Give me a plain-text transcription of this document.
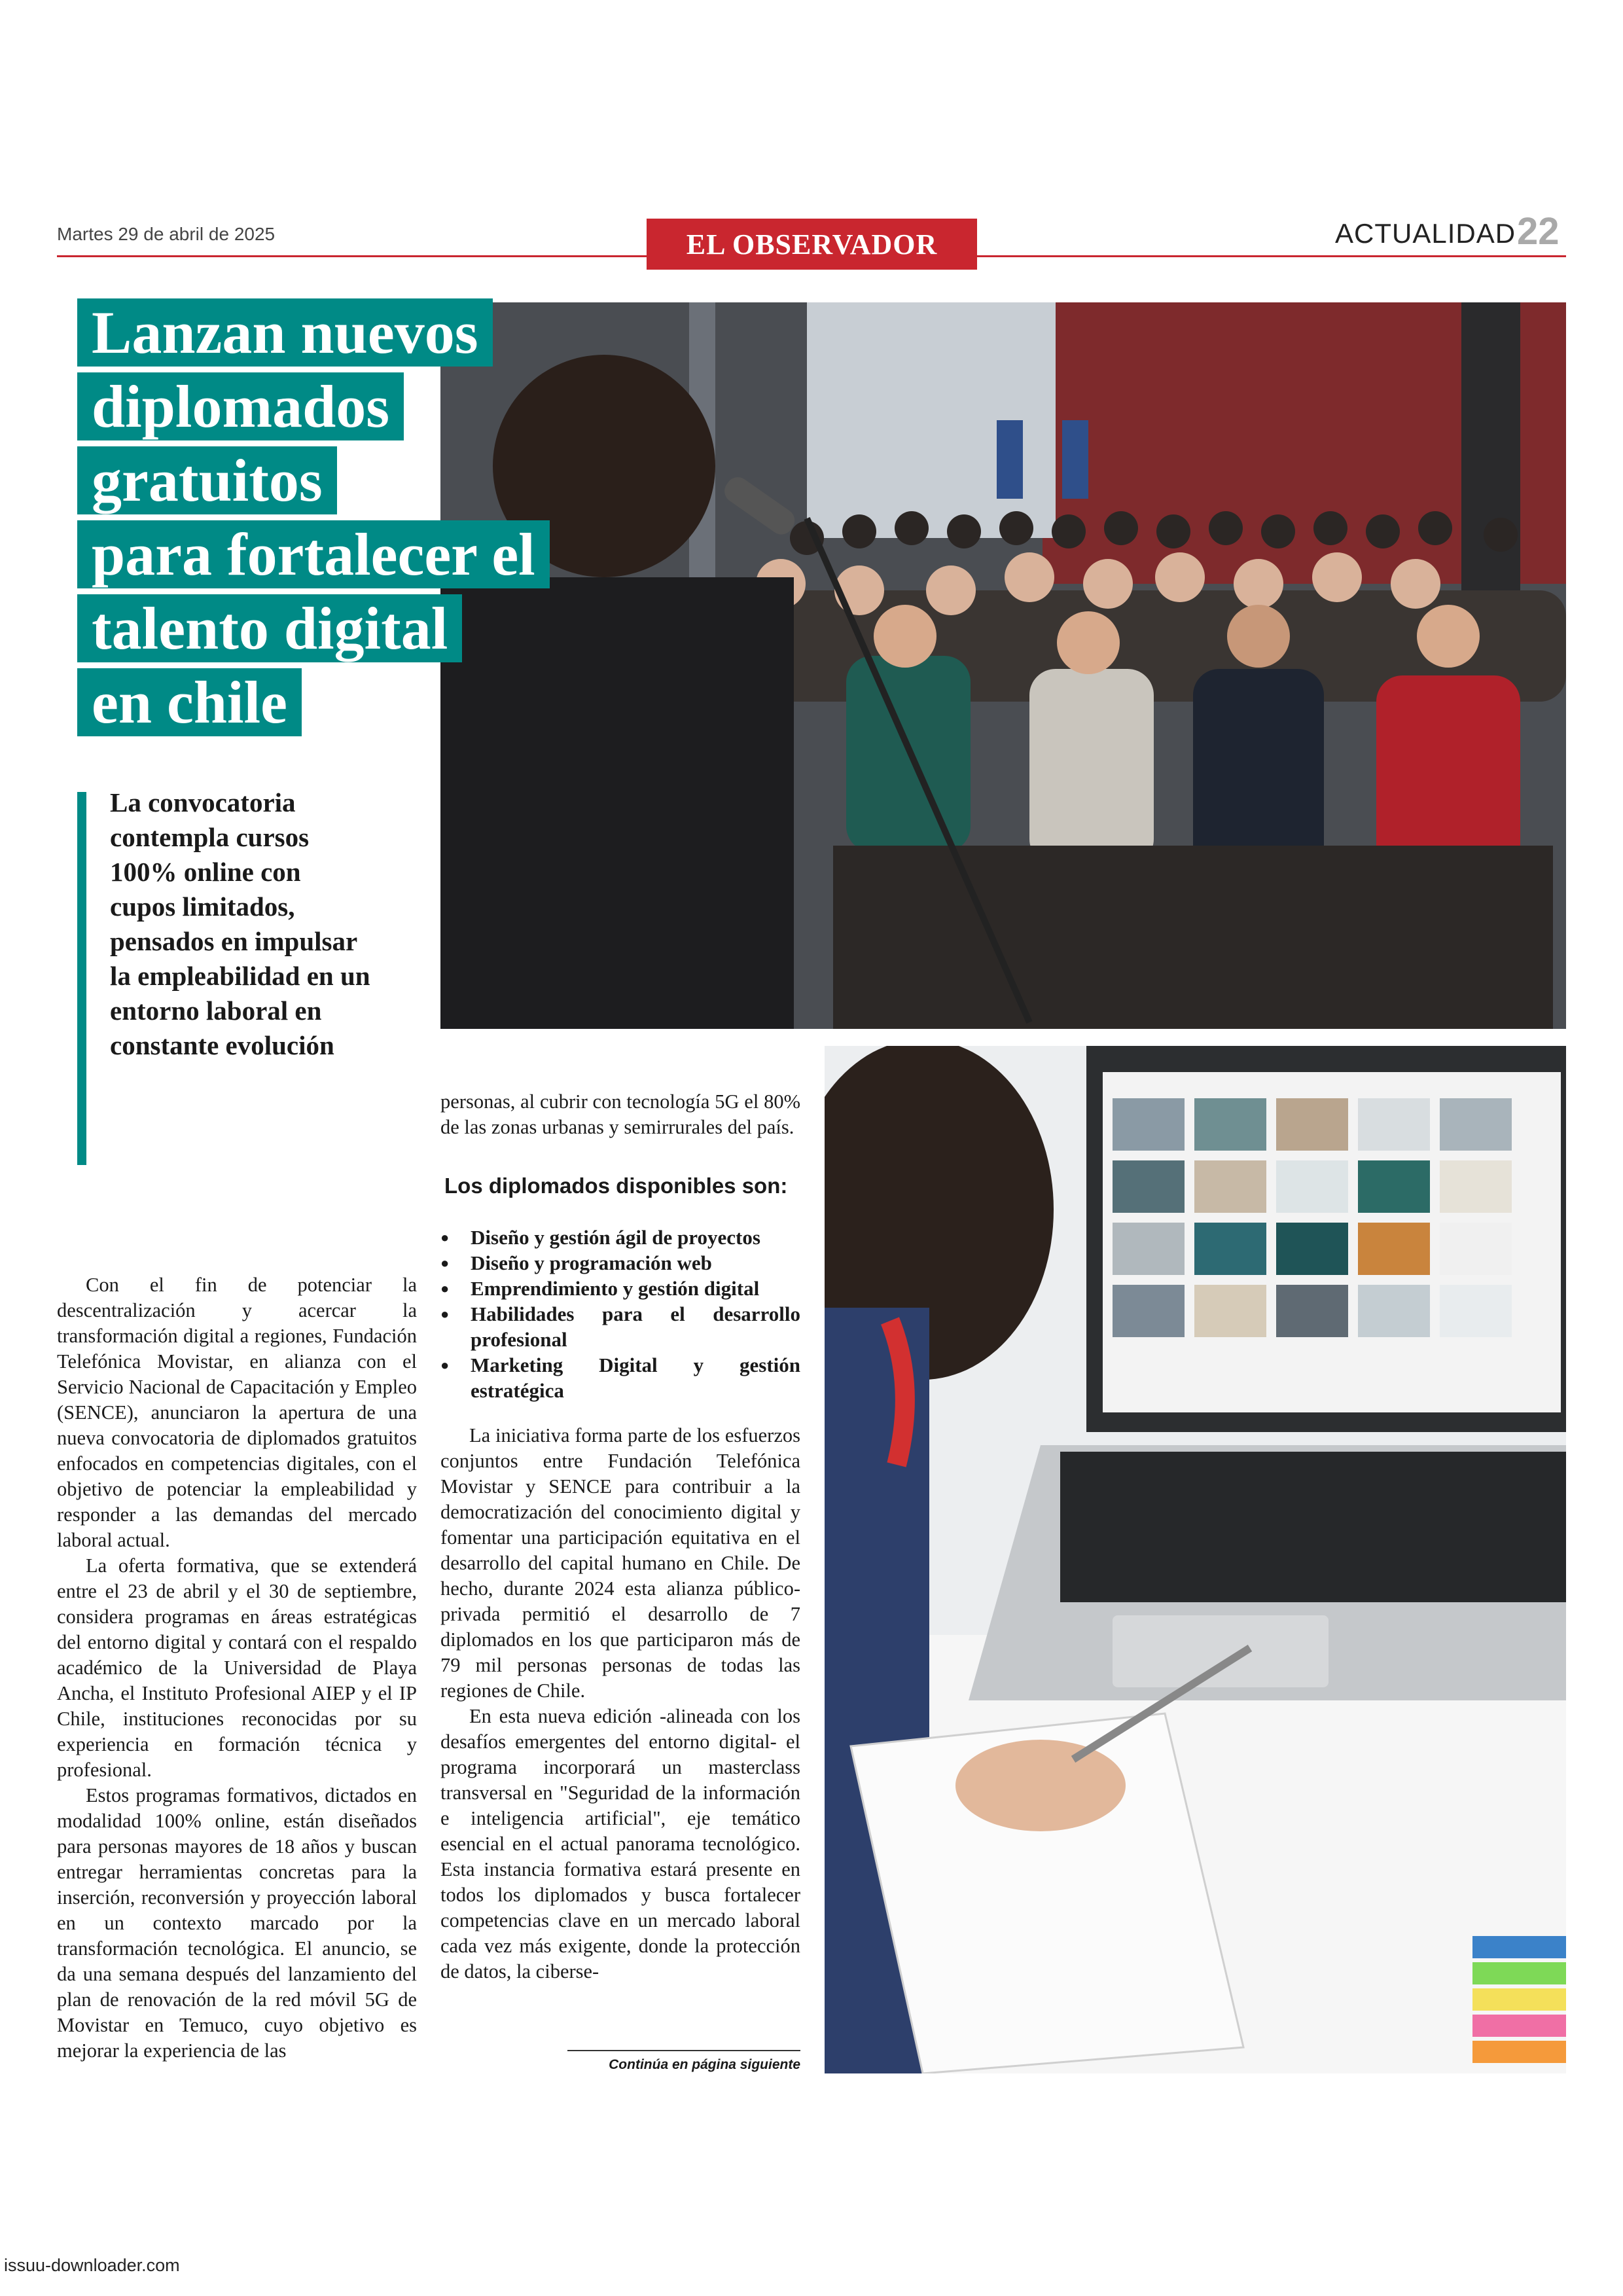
Martes 29 de abril de 2025	EL OBSERVADOR	ACTUALIDAD 22
Lanzan nuevos
diplomados
gratuitos
para fortalecer el
talento digital
en chile
La convocatoria contempla cursos 100% online con cupos limitados, pensados en impulsar la empleabilidad en un entorno laboral en constante evolución

Con el fin de potenciar la descentralización y acercar la transformación digital a regiones, Fundación Telefónica Movistar, en alianza con el Servicio Nacional de Capacitación y Empleo (SENCE), anunciaron la apertura de una nueva convocatoria de diplomados gratuitos enfocados en competencias digitales, con el objetivo de potenciar la empleabilidad y responder a las demandas del mercado laboral actual.

La oferta formativa, que se extenderá entre el 23 de abril y el 30 de septiembre, considera programas en áreas estratégicas del entorno digital y contará con el respaldo académico de la Universidad de Playa Ancha, el Instituto Profesional AIEP y el IP Chile, instituciones reconocidas por su experiencia en formación técnica y profesional.

Estos programas formativos, dictados en modalidad 100% online, están diseñados para personas mayores de 18 años y buscan entregar herramientas concretas para la inserción, reconversión y proyección laboral en un contexto marcado por la transformación tecnológica. El anuncio, se da una semana después del lanzamiento del plan de renovación de la red móvil 5G de Movistar en Temuco, cuyo objetivo es mejorar la experiencia de las

personas, al cubrir con tecnología 5G el 80% de las zonas urbanas y semirrurales del país.

Los diplomados disponibles son:
● Diseño y gestión ágil de proyectos
● Diseño y programación web
● Emprendimiento y gestión digital
● Habilidades para el desarrollo profesional
● Marketing Digital y gestión estratégica

La iniciativa forma parte de los esfuerzos conjuntos entre Fundación Telefónica Movistar y SENCE para contribuir a la democratización del conocimiento digital y fomentar una participación equitativa en el desarrollo del capital humano en Chile. De hecho, durante 2024 esta alianza público-privada permitió el desarrollo de 7 diplomados en los que participaron más de 79 mil personas personas de todas las regiones de Chile.

En esta nueva edición -alineada con los desafíos emergentes del entorno digital- el programa incorporará un masterclass transversal en "Seguridad de la información e inteligencia artificial", eje temático esencial en el actual panorama tecnológico. Esta instancia formativa estará presente en todos los diplomados y busca fortalecer competencias clave en un mercado laboral cada vez más exigente, donde la protección de datos, la ciberse-

Continúa en página siguiente
issuu-downloader.com
